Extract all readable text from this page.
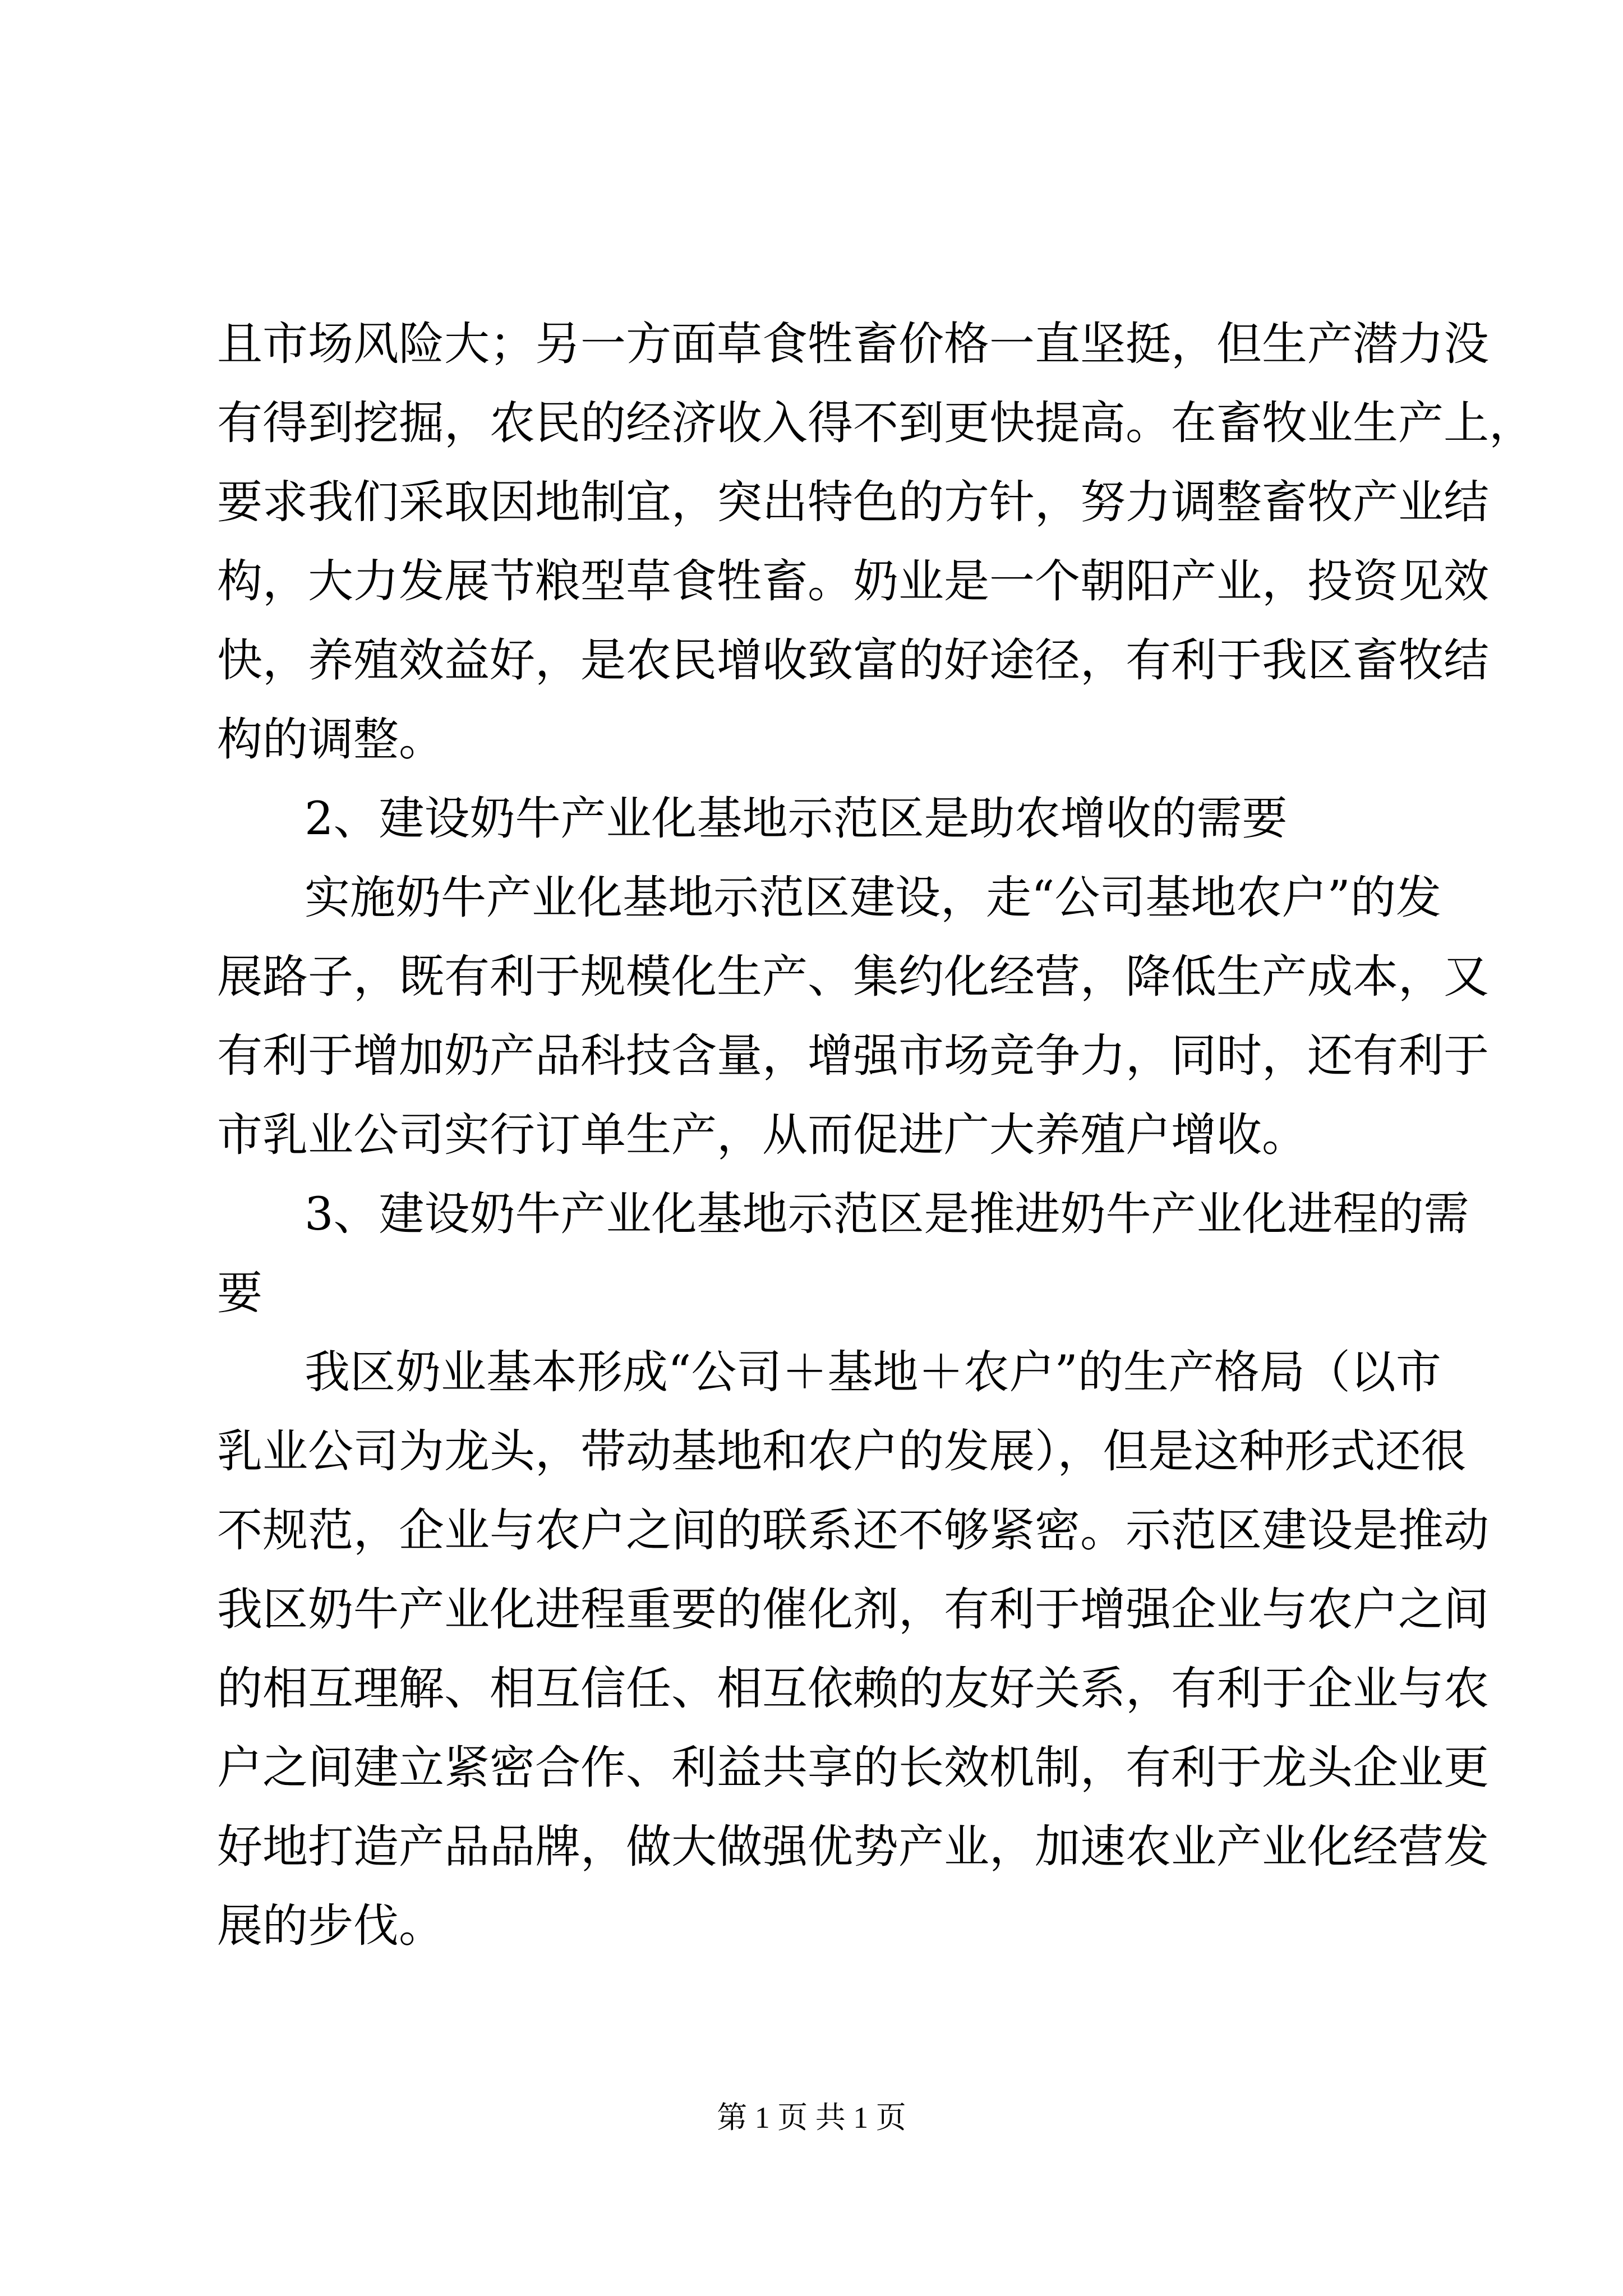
且市场风险大；另一方面草食牲畜价格一直坚挺，但生产潜力没

有得到挖掘，农民的经济收入得不到更快提高。在畜牧业生产上，

要求我们采取因地制宜，突出特色的方针，努力调整畜牧产业结

构，大力发展节粮型草食牲畜。奶业是一个朝阳产业，投资见效

快，养殖效益好，是农民增收致富的好途径，有利于我区畜牧结

构的调整。

2、建设奶牛产业化基地示范区是助农增收的需要

实施奶牛产业化基地示范区建设，走“公司基地农户”的发

展路子，既有利于规模化生产、集约化经营，降低生产成本，又

有利于增加奶产品科技含量，增强市场竞争力，同时，还有利于

市乳业公司实行订单生产，从而促进广大养殖户增收。

3、建设奶牛产业化基地示范区是推进奶牛产业化进程的需

要

我区奶业基本形成“公司＋基地＋农户”的生产格局（以市

乳业公司为龙头，带动基地和农户的发展），但是这种形式还很

不规范，企业与农户之间的联系还不够紧密。示范区建设是推动

我区奶牛产业化进程重要的催化剂，有利于增强企业与农户之间

的相互理解、相互信任、相互依赖的友好关系，有利于企业与农

户之间建立紧密合作、利益共享的长效机制，有利于龙头企业更

好地打造产品品牌，做大做强优势产业，加速农业产业化经营发

展的步伐。

第 1 页 共 1 页
